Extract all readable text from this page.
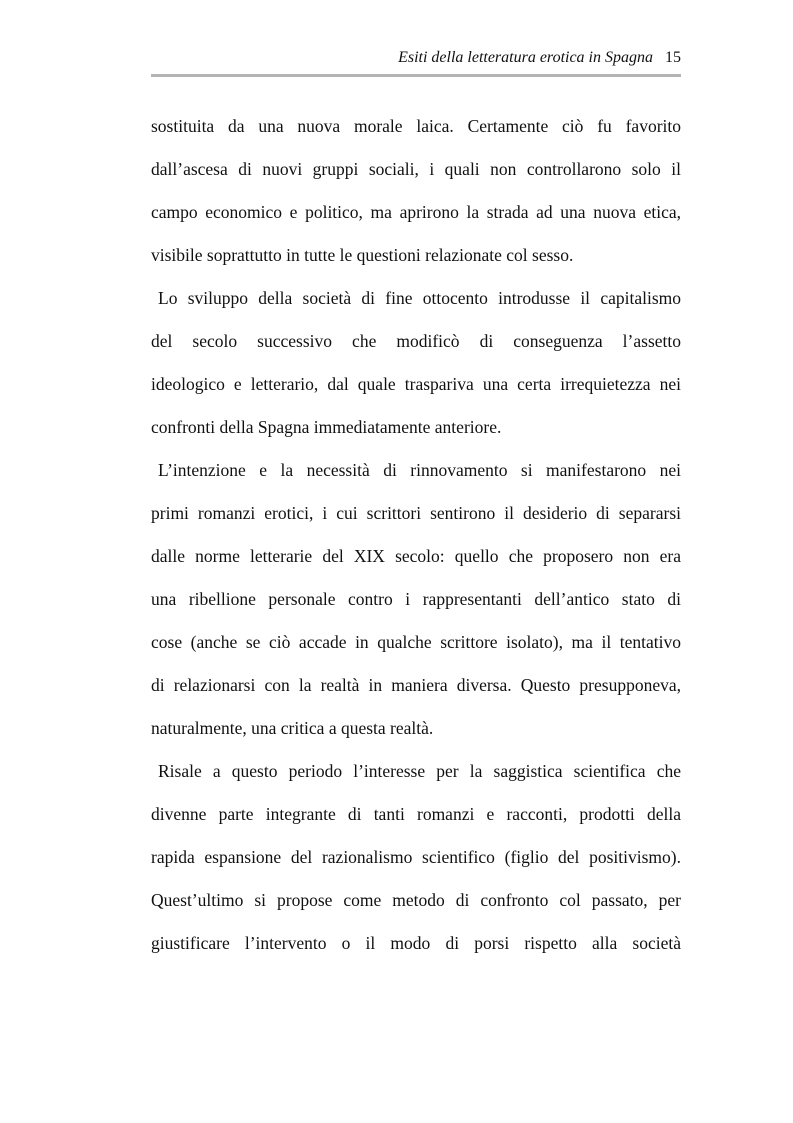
Esiti della letteratura erotica in Spagna 15
sostituita da una nuova morale laica. Certamente ciò fu favorito
dall’ascesa di nuovi gruppi sociali, i quali non controllarono solo il
campo economico e politico, ma aprirono la strada ad una nuova etica,
visibile soprattutto in tutte le questioni relazionate col sesso.
Lo sviluppo della società di fine ottocento introdusse il capitalismo
del secolo successivo che modificò di conseguenza l’assetto
ideologico e letterario, dal quale traspariva una certa irrequietezza nei
confronti della Spagna immediatamente anteriore.
L’intenzione e la necessità di rinnovamento si manifestarono nei
primi romanzi erotici, i cui scrittori sentirono il desiderio di separarsi
dalle norme letterarie del XIX secolo: quello che proposero non era
una ribellione personale contro i rappresentanti dell’antico stato di
cose (anche se ciò accade in qualche scrittore isolato), ma il tentativo
di relazionarsi con la realtà in maniera diversa. Questo presupponeva,
naturalmente, una critica a questa realtà.
Risale a questo periodo l’interesse per la saggistica scientifica che
divenne parte integrante di tanti romanzi e racconti, prodotti della
rapida espansione del razionalismo scientifico (figlio del positivismo).
Quest’ultimo si propose come metodo di confronto col passato, per
giustificare l’intervento o il modo di porsi rispetto alla società
